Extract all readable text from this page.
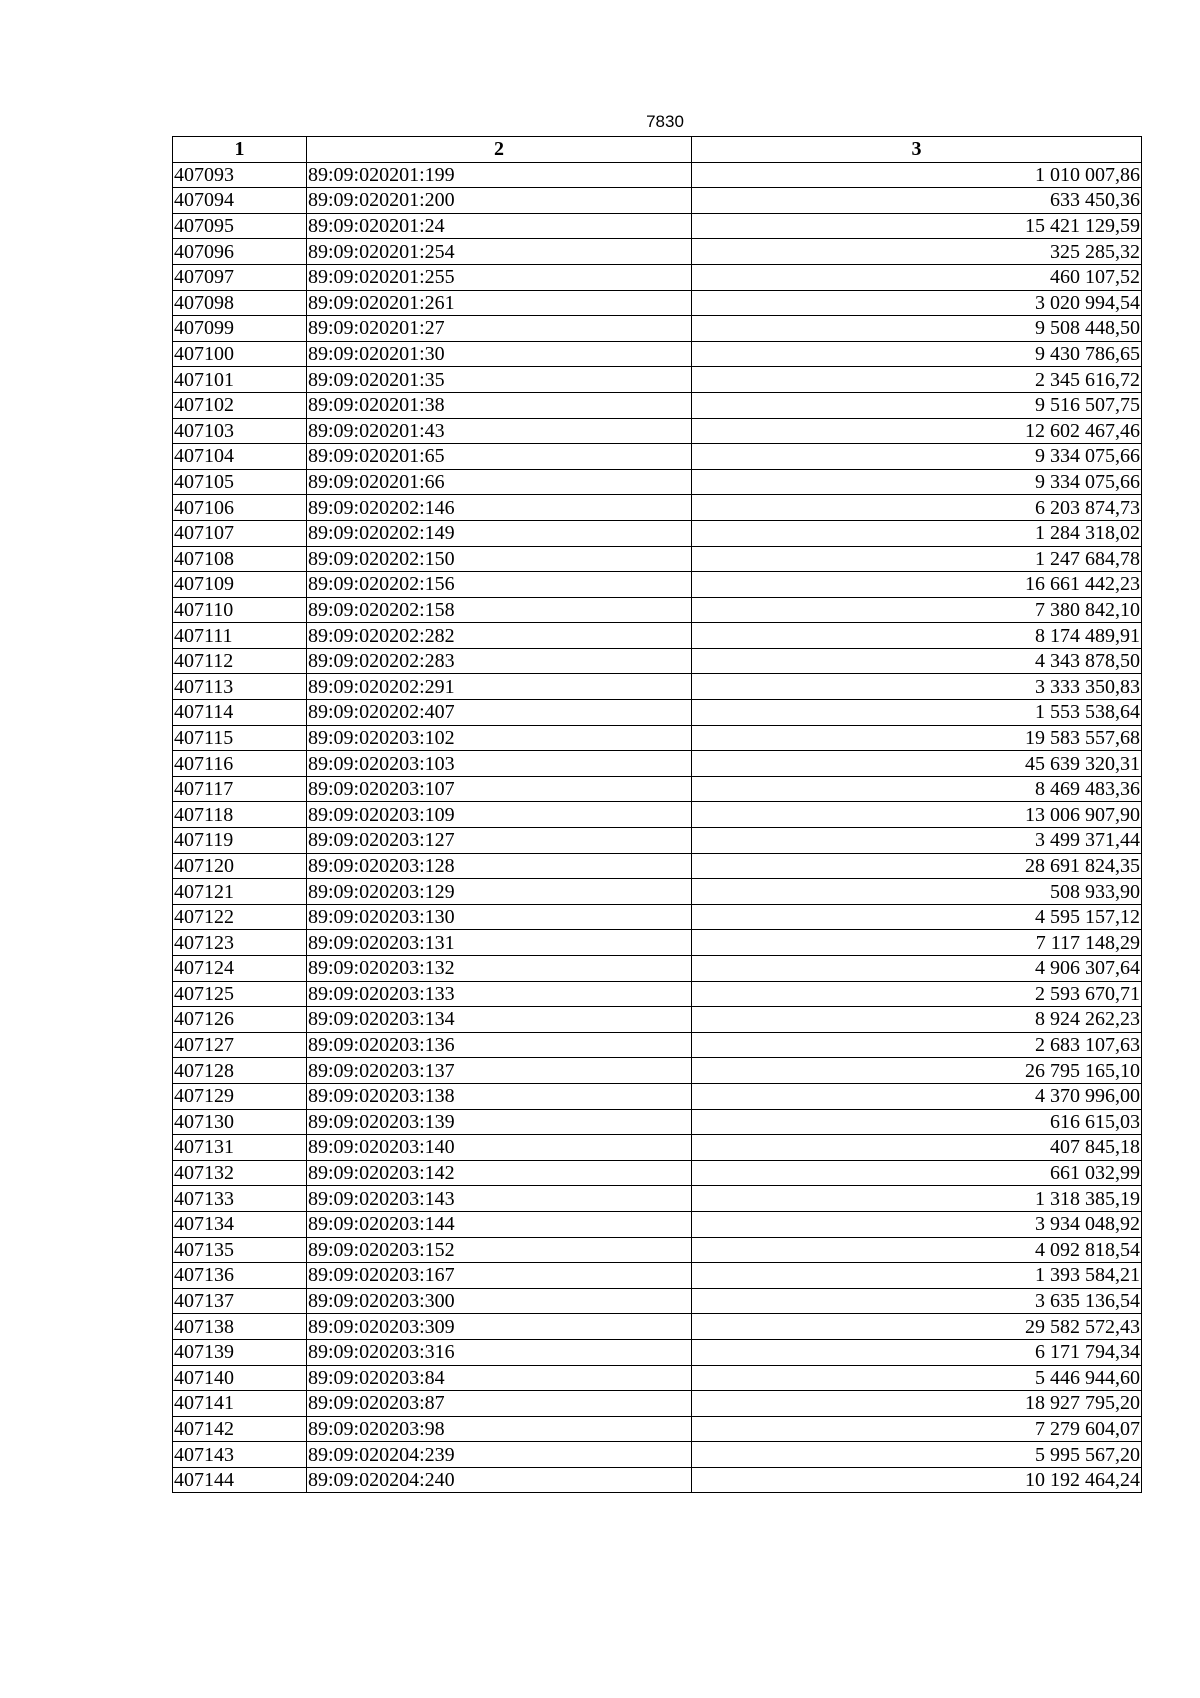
7830
1	2	3
407093	89:09:020201:199	1 010 007,86
407094	89:09:020201:200	633 450,36
407095	89:09:020201:24	15 421 129,59
407096	89:09:020201:254	325 285,32
407097	89:09:020201:255	460 107,52
407098	89:09:020201:261	3 020 994,54
407099	89:09:020201:27	9 508 448,50
407100	89:09:020201:30	9 430 786,65
407101	89:09:020201:35	2 345 616,72
407102	89:09:020201:38	9 516 507,75
407103	89:09:020201:43	12 602 467,46
407104	89:09:020201:65	9 334 075,66
407105	89:09:020201:66	9 334 075,66
407106	89:09:020202:146	6 203 874,73
407107	89:09:020202:149	1 284 318,02
407108	89:09:020202:150	1 247 684,78
407109	89:09:020202:156	16 661 442,23
407110	89:09:020202:158	7 380 842,10
407111	89:09:020202:282	8 174 489,91
407112	89:09:020202:283	4 343 878,50
407113	89:09:020202:291	3 333 350,83
407114	89:09:020202:407	1 553 538,64
407115	89:09:020203:102	19 583 557,68
407116	89:09:020203:103	45 639 320,31
407117	89:09:020203:107	8 469 483,36
407118	89:09:020203:109	13 006 907,90
407119	89:09:020203:127	3 499 371,44
407120	89:09:020203:128	28 691 824,35
407121	89:09:020203:129	508 933,90
407122	89:09:020203:130	4 595 157,12
407123	89:09:020203:131	7 117 148,29
407124	89:09:020203:132	4 906 307,64
407125	89:09:020203:133	2 593 670,71
407126	89:09:020203:134	8 924 262,23
407127	89:09:020203:136	2 683 107,63
407128	89:09:020203:137	26 795 165,10
407129	89:09:020203:138	4 370 996,00
407130	89:09:020203:139	616 615,03
407131	89:09:020203:140	407 845,18
407132	89:09:020203:142	661 032,99
407133	89:09:020203:143	1 318 385,19
407134	89:09:020203:144	3 934 048,92
407135	89:09:020203:152	4 092 818,54
407136	89:09:020203:167	1 393 584,21
407137	89:09:020203:300	3 635 136,54
407138	89:09:020203:309	29 582 572,43
407139	89:09:020203:316	6 171 794,34
407140	89:09:020203:84	5 446 944,60
407141	89:09:020203:87	18 927 795,20
407142	89:09:020203:98	7 279 604,07
407143	89:09:020204:239	5 995 567,20
407144	89:09:020204:240	10 192 464,24
